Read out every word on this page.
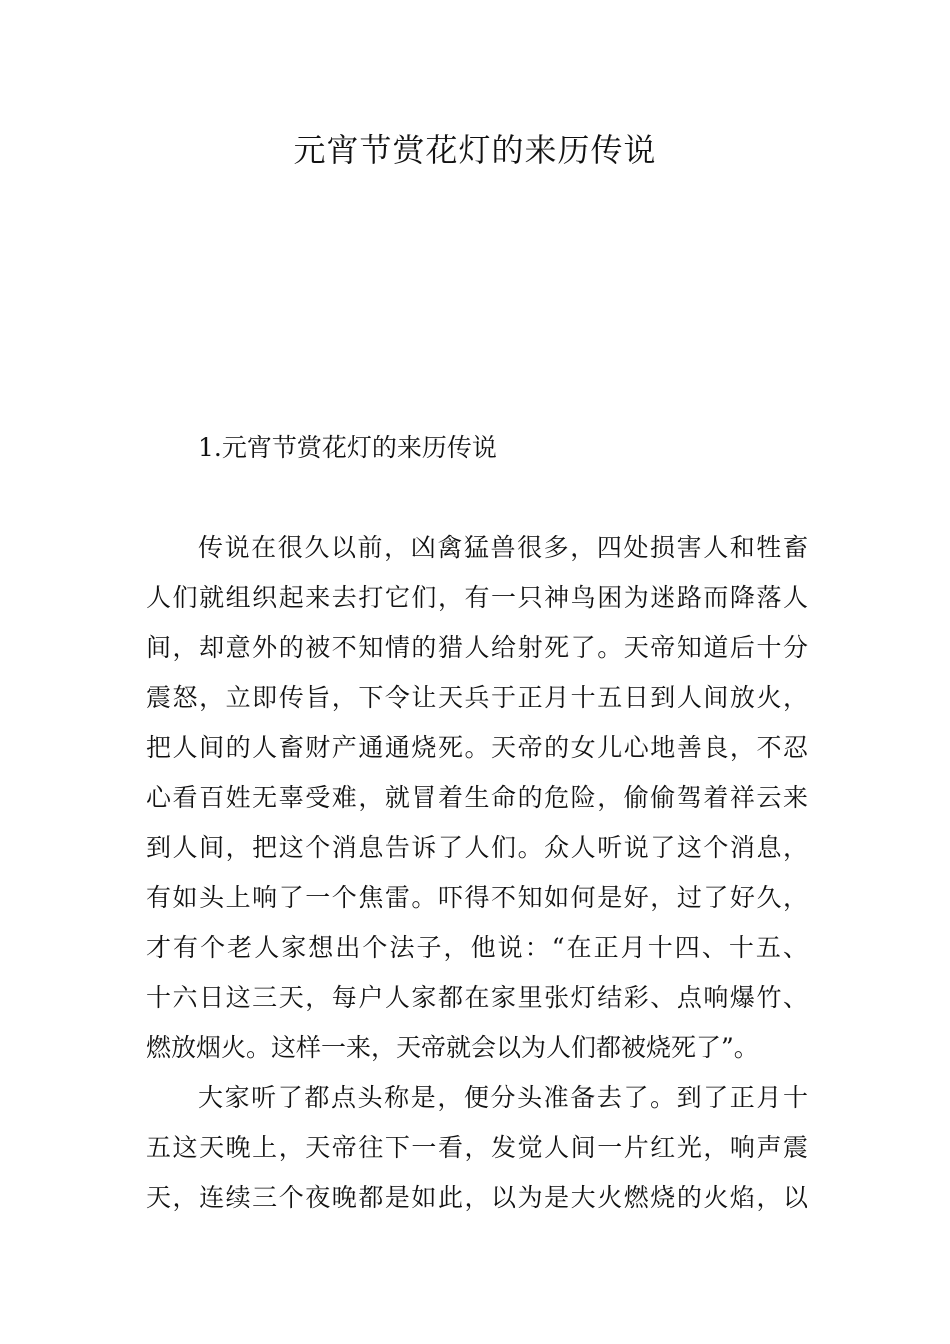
元宵节赏花灯的来历传说
1.元宵节赏花灯的来历传说

传说在很久以前，凶禽猛兽很多，四处损害人和牲畜

人们就组织起来去打它们，有一只神鸟困为迷路而降落人

间，却意外的被不知情的猎人给射死了。天帝知道后十分

震怒，立即传旨，下令让天兵于正月十五日到人间放火，

把人间的人畜财产通通烧死。天帝的女儿心地善良，不忍

心看百姓无辜受难，就冒着生命的危险，偷偷驾着祥云来

到人间，把这个消息告诉了人们。众人听说了这个消息，

有如头上响了一个焦雷。吓得不知如何是好，过了好久，

才有个老人家想出个法子，他说：“在正月十四、十五、

十六日这三天，每户人家都在家里张灯结彩、点响爆竹、

燃放烟火。这样一来，天帝就会以为人们都被烧死了”。

大家听了都点头称是，便分头准备去了。到了正月十

五这天晚上，天帝往下一看，发觉人间一片红光，响声震

天，连续三个夜晚都是如此，以为是大火燃烧的火焰，以
